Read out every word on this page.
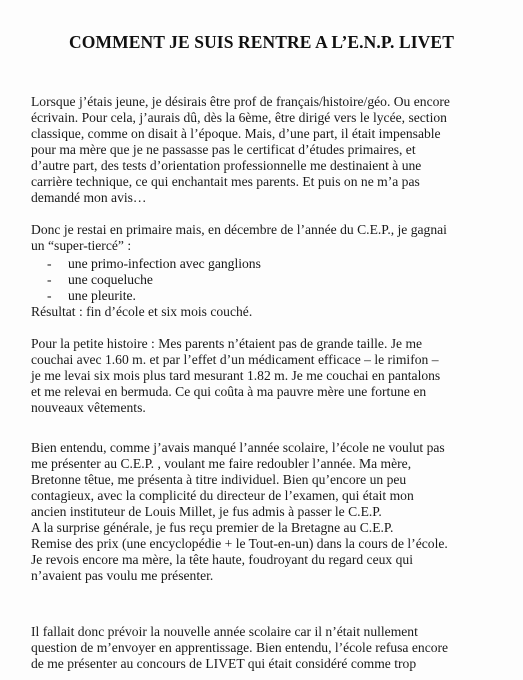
COMMENT JE SUIS RENTRE A L’E.N.P. LIVET
Lorsque j’étais jeune, je désirais être prof de français/histoire/géo. Ou encore
écrivain. Pour cela, j’aurais dû, dès la 6ème, être dirigé vers le lycée, section
classique, comme on disait à l’époque. Mais, d’une part, il était impensable
pour ma mère que je ne passasse pas le certificat d’études primaires, et
d’autre part, des tests d’orientation professionnelle me destinaient à une
carrière technique, ce qui enchantait mes parents. Et puis on ne m’a pas
demandé mon avis…
Donc je restai en primaire mais, en décembre de l’année du C.E.P., je gagnai
un “super-tiercé” :
- une primo-infection avec ganglions
- une coqueluche
- une pleurite.
Résultat : fin d’école et six mois couché.
Pour la petite histoire : Mes parents n’étaient pas de grande taille. Je me
couchai avec 1.60 m. et par l’effet d’un médicament efficace – le rimifon –
je me levai six mois plus tard mesurant 1.82 m. Je me couchai en pantalons
et me relevai en bermuda. Ce qui coûta à ma pauvre mère une fortune en
nouveaux vêtements.
Bien entendu, comme j’avais manqué l’année scolaire, l’école ne voulut pas
me présenter au C.E.P. , voulant me faire redoubler l’année. Ma mère,
Bretonne têtue, me présenta à titre individuel. Bien qu’encore un peu
contagieux, avec la complicité du directeur de l’examen, qui était mon
ancien instituteur de Louis Millet, je fus admis à passer le C.E.P.
A la surprise générale, je fus reçu premier de la Bretagne au C.E.P.
Remise des prix (une encyclopédie + le Tout-en-un) dans la cours de l’école.
Je revois encore ma mère, la tête haute, foudroyant du regard ceux qui
n’avaient pas voulu me présenter.
Il fallait donc prévoir la nouvelle année scolaire car il n’était nullement
question de m’envoyer en apprentissage. Bien entendu, l’école refusa encore
de me présenter au concours de LIVET qui était considéré comme trop
